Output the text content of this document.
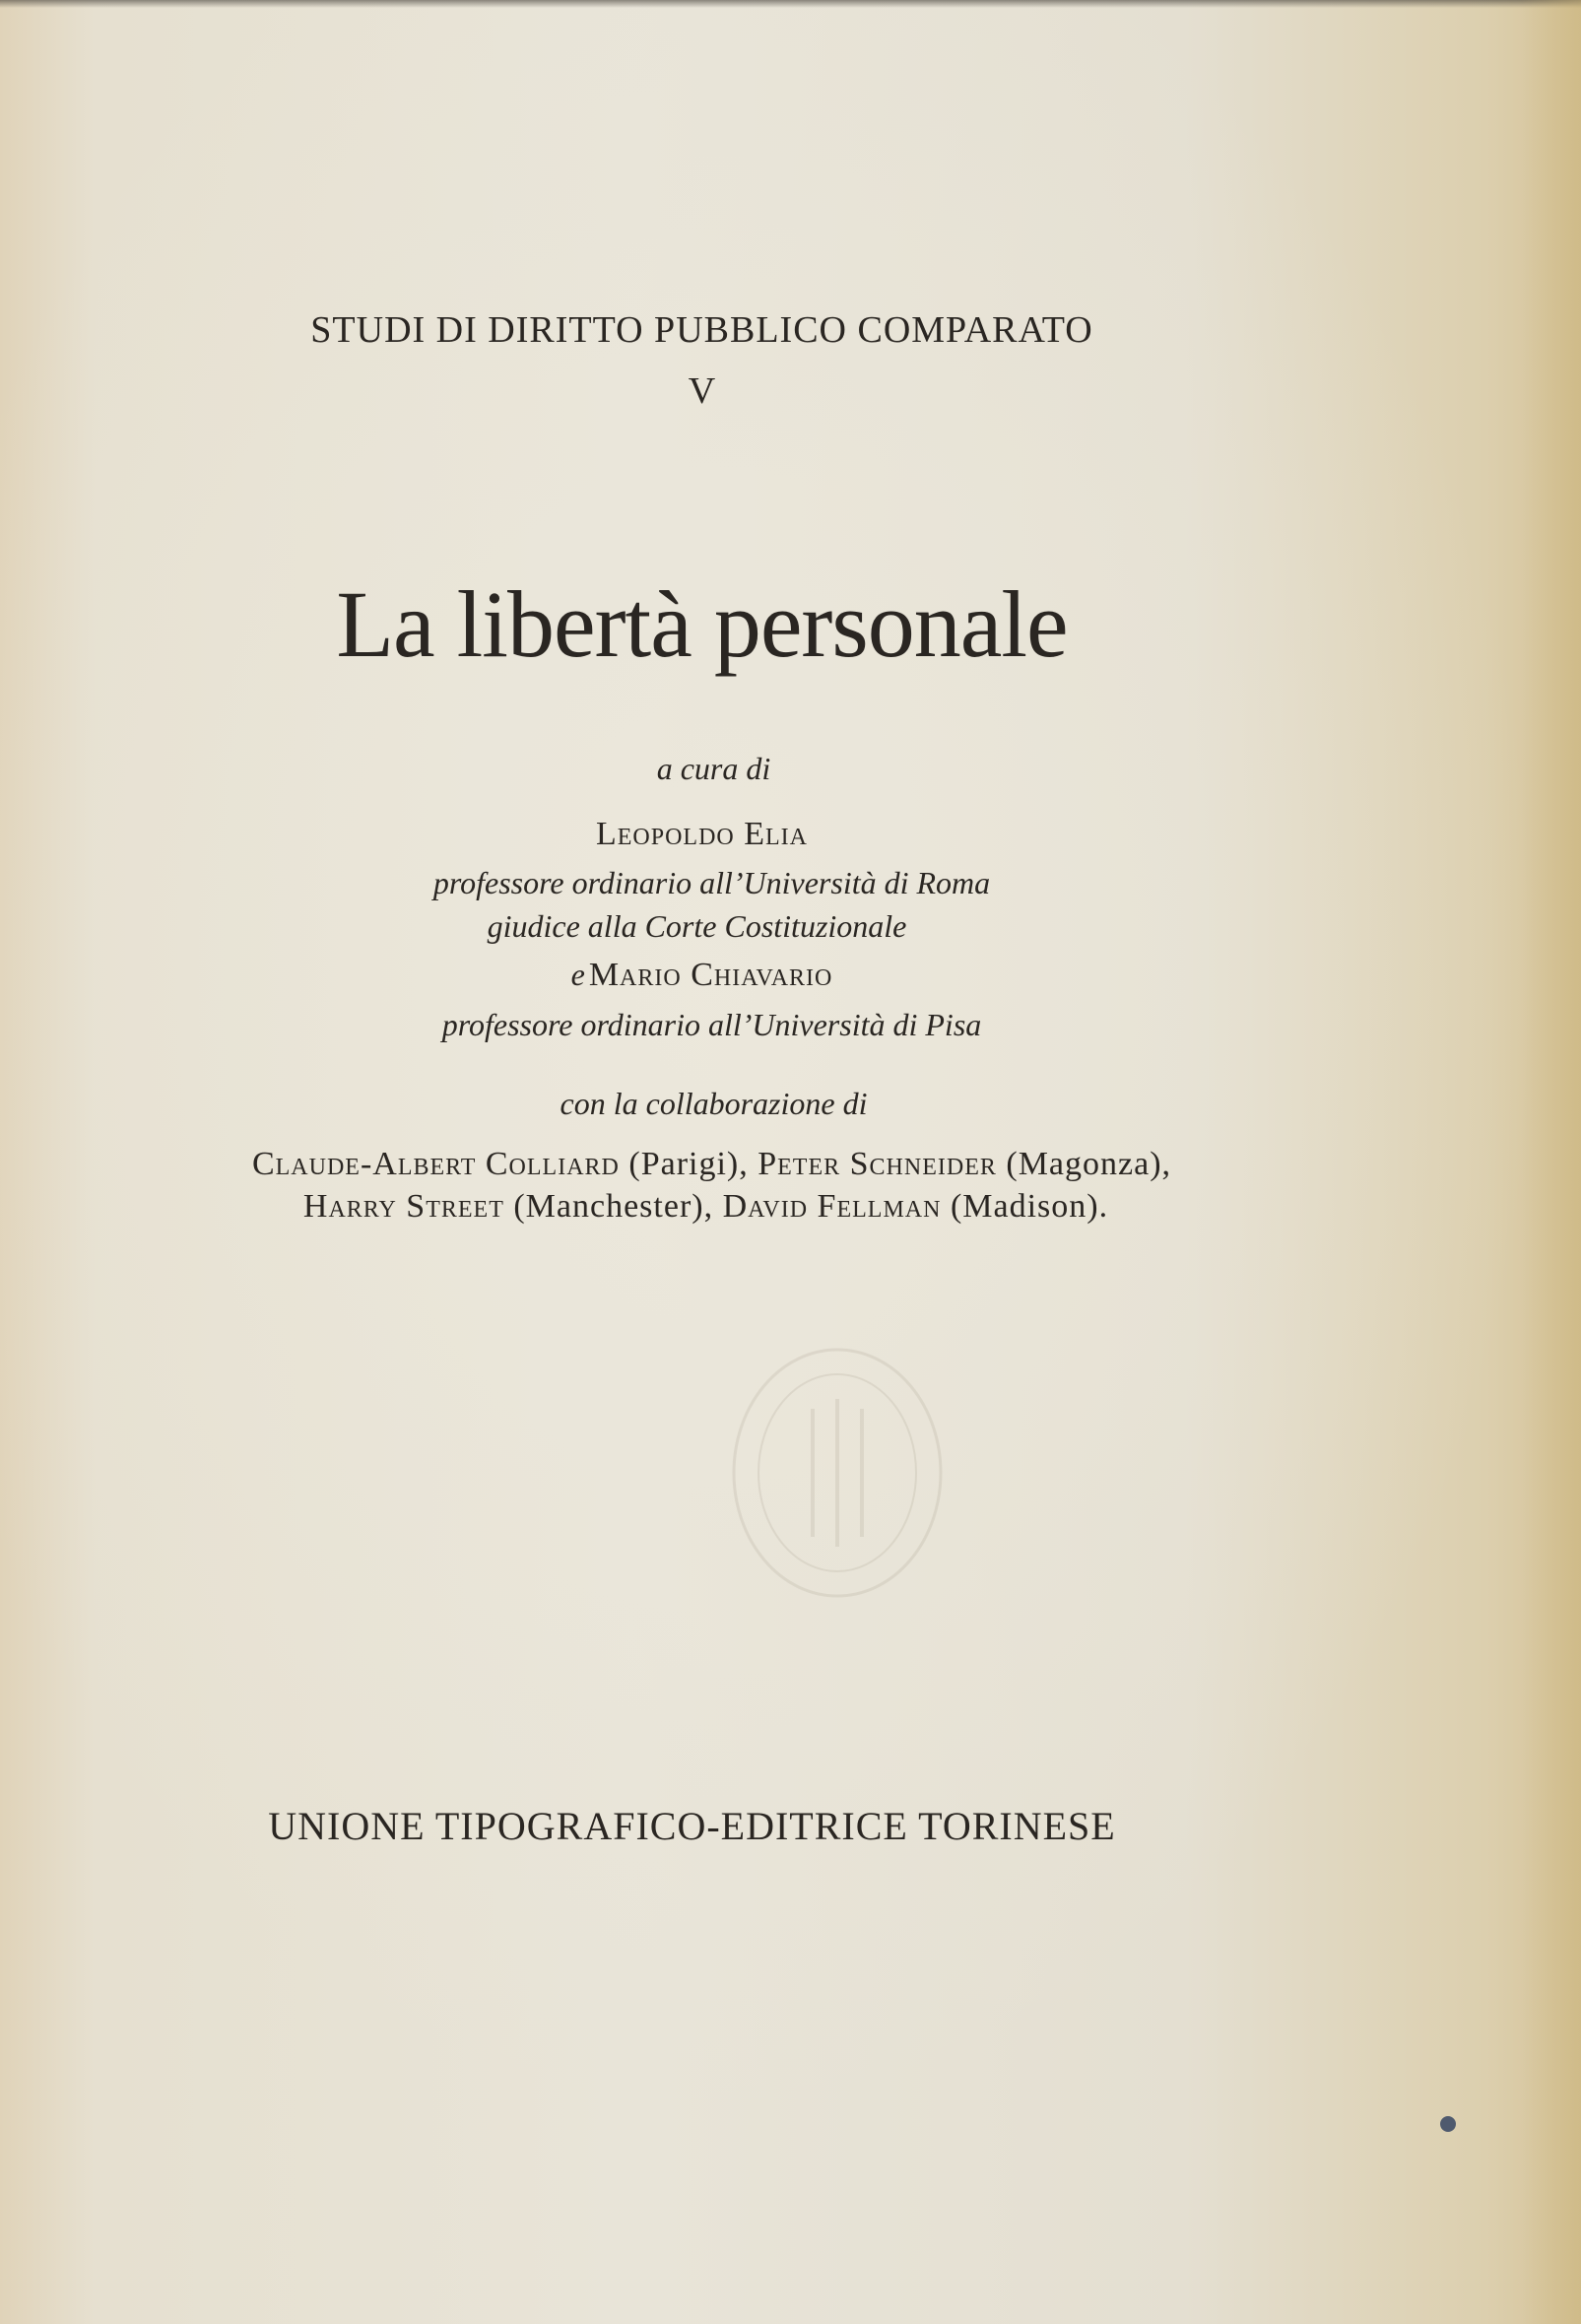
STUDI DI DIRITTO PUBBLICO COMPARATO

V

La libertà personale

a cura di

Leopoldo Elia

professore ordinario all’Università di Roma

giudice alla Corte Costituzionale

e Mario Chiavario

professore ordinario all’Università di Pisa

con la collaborazione di

Claude-Albert Colliard (Parigi), Peter Schneider (Magonza),

Harry Street (Manchester), David Fellman (Madison).

UNIONE TIPOGRAFICO-EDITRICE TORINESE
